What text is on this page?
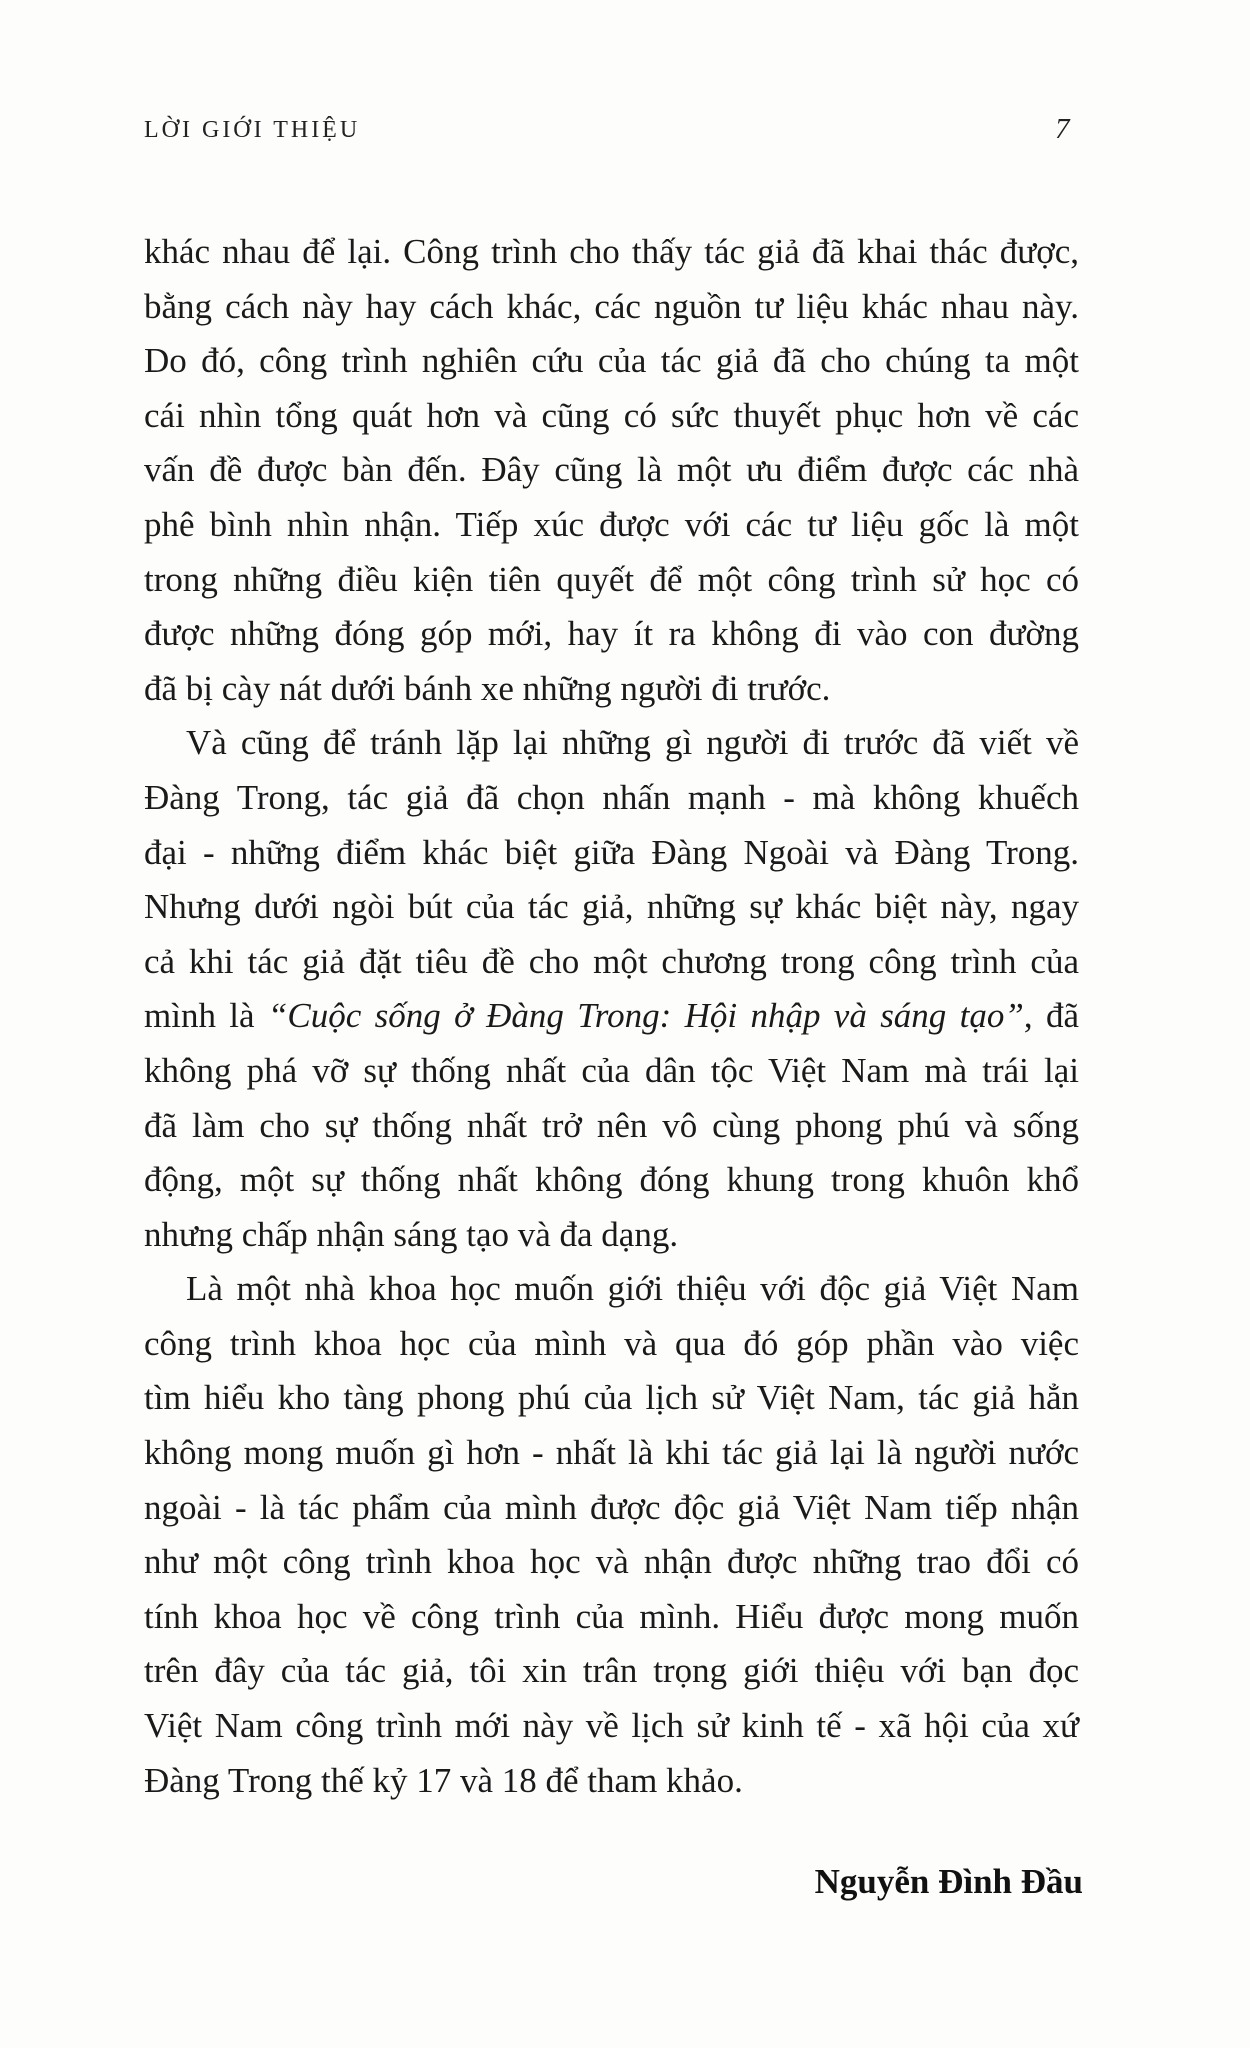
LỜI GIỚI THIỆU	7
khác nhau để lại. Công trình cho thấy tác giả đã khai thác được,
bằng cách này hay cách khác, các nguồn tư liệu khác nhau này.
Do đó, công trình nghiên cứu của tác giả đã cho chúng ta một
cái nhìn tổng quát hơn và cũng có sức thuyết phục hơn về các
vấn đề được bàn đến. Đây cũng là một ưu điểm được các nhà
phê bình nhìn nhận. Tiếp xúc được với các tư liệu gốc là một
trong những điều kiện tiên quyết để một công trình sử học có
được những đóng góp mới, hay ít ra không đi vào con đường
đã bị cày nát dưới bánh xe những người đi trước.
Và cũng để tránh lặp lại những gì người đi trước đã viết về
Đàng Trong, tác giả đã chọn nhấn mạnh - mà không khuếch
đại - những điểm khác biệt giữa Đàng Ngoài và Đàng Trong.
Nhưng dưới ngòi bút của tác giả, những sự khác biệt này, ngay
cả khi tác giả đặt tiêu đề cho một chương trong công trình của
mình là “Cuộc sống ở Đàng Trong: Hội nhập và sáng tạo”, đã
không phá vỡ sự thống nhất của dân tộc Việt Nam mà trái lại
đã làm cho sự thống nhất trở nên vô cùng phong phú và sống
động, một sự thống nhất không đóng khung trong khuôn khổ
nhưng chấp nhận sáng tạo và đa dạng.
Là một nhà khoa học muốn giới thiệu với độc giả Việt Nam
công trình khoa học của mình và qua đó góp phần vào việc
tìm hiểu kho tàng phong phú của lịch sử Việt Nam, tác giả hẳn
không mong muốn gì hơn - nhất là khi tác giả lại là người nước
ngoài - là tác phẩm của mình được độc giả Việt Nam tiếp nhận
như một công trình khoa học và nhận được những trao đổi có
tính khoa học về công trình của mình. Hiểu được mong muốn
trên đây của tác giả, tôi xin trân trọng giới thiệu với bạn đọc
Việt Nam công trình mới này về lịch sử kinh tế - xã hội của xứ
Đàng Trong thế kỷ 17 và 18 để tham khảo.
Nguyễn Đình Đầu
